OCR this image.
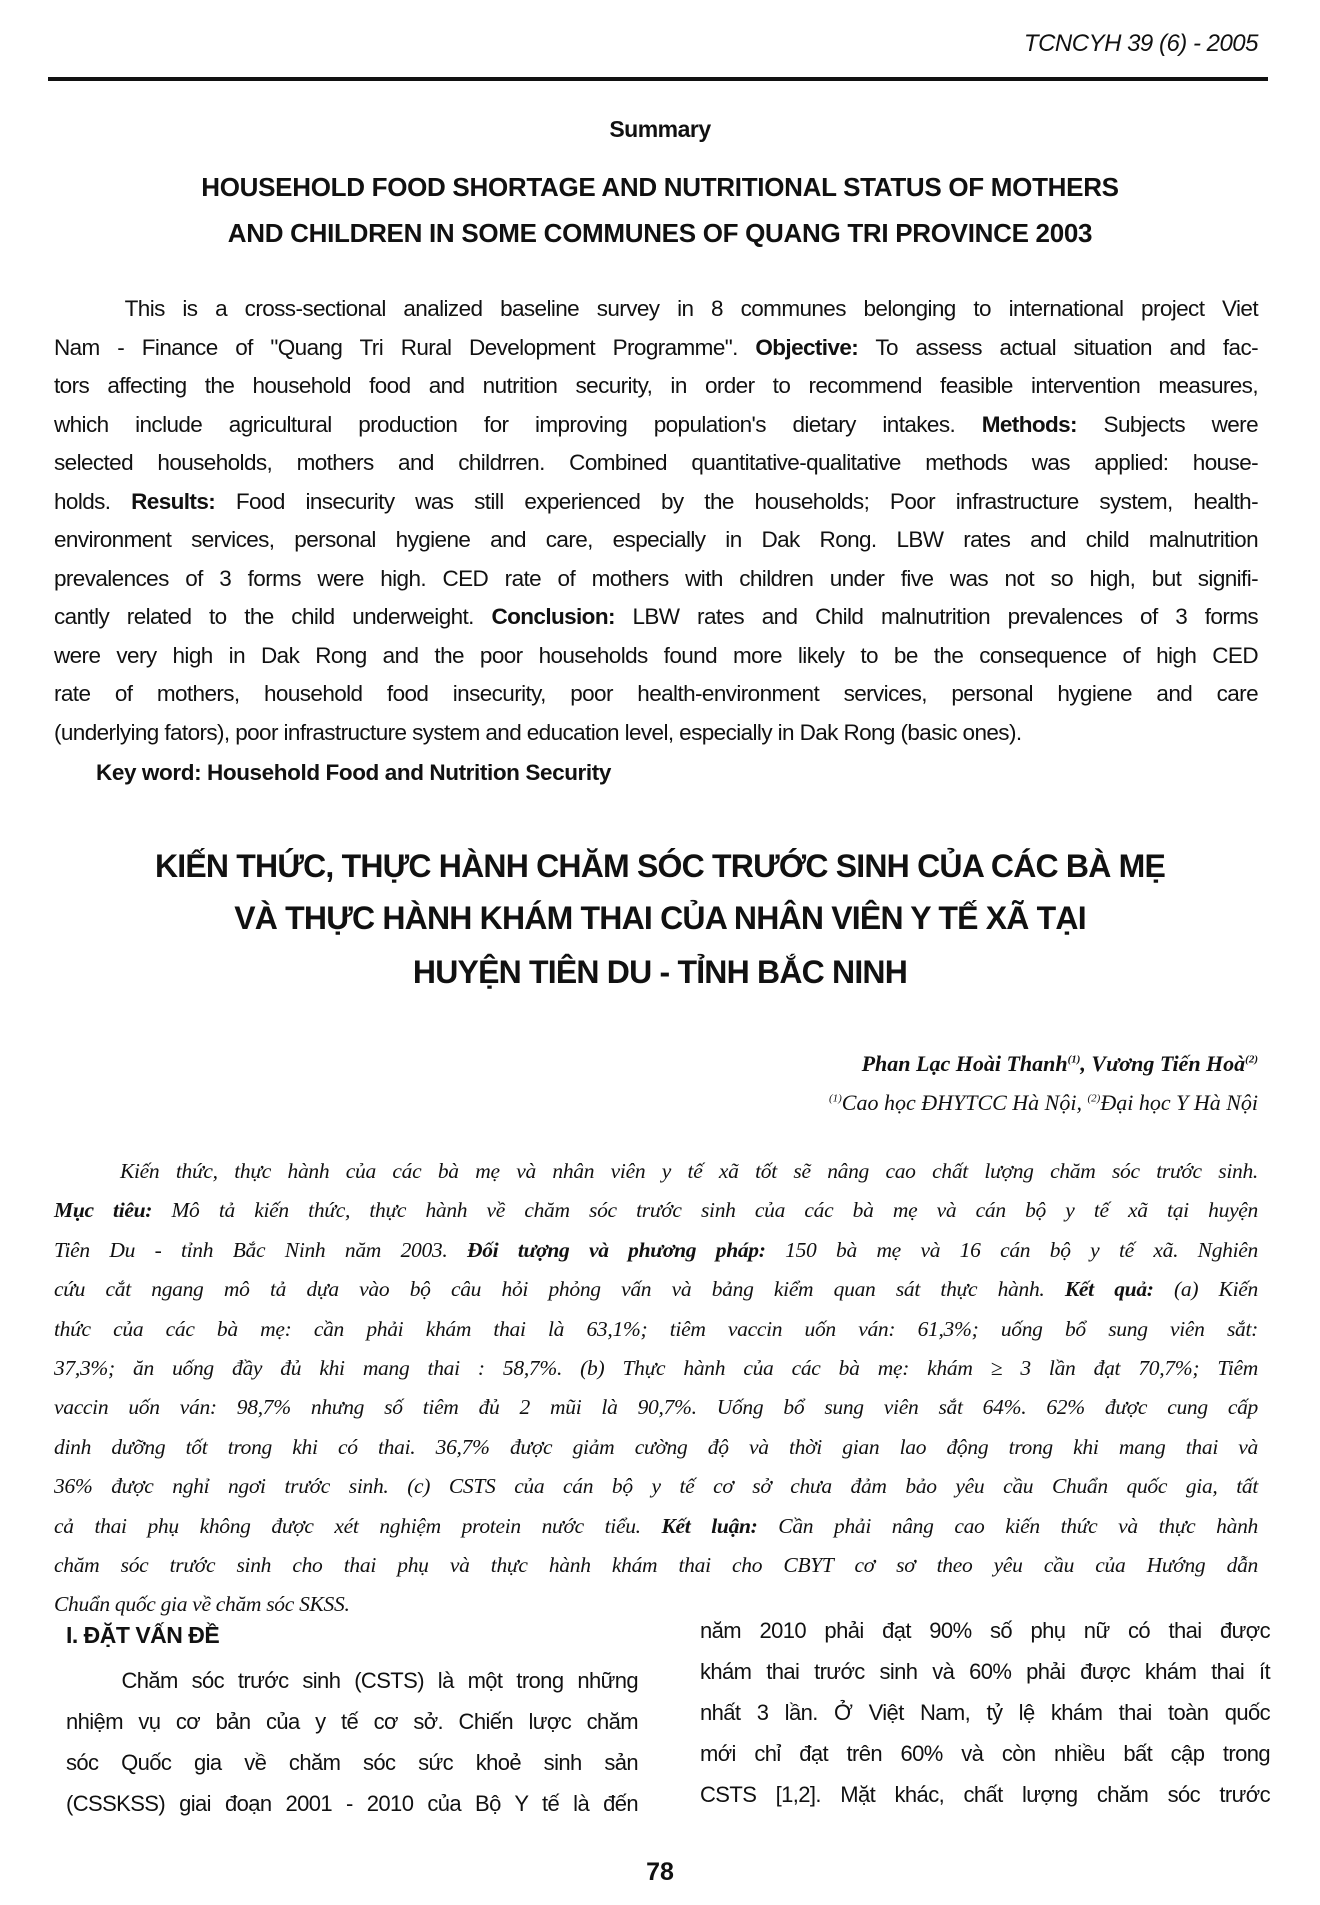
TCNCYH 39 (6) - 2005
Summary
HOUSEHOLD FOOD SHORTAGE AND NUTRITIONAL STATUS OF MOTHERS
AND CHILDREN IN SOME COMMUNES OF QUANG TRI PROVINCE 2003
This is a cross-sectional analized baseline survey in 8 communes belonging to international project Viet
Nam - Finance of "Quang Tri Rural Development Programme". Objective: To assess actual situation and fac-
tors affecting the household food and nutrition security, in order to recommend feasible intervention measures,
which include agricultural production for improving population's dietary intakes. Methods: Subjects were
selected households, mothers and childrren. Combined quantitative-qualitative methods was applied: house-
holds. Results: Food insecurity was still experienced by the households; Poor infrastructure system, health-
environment services, personal hygiene and care, especially in Dak Rong. LBW rates and child malnutrition
prevalences of 3 forms were high. CED rate of mothers with children under five was not so high, but signifi-
cantly related to the child underweight. Conclusion: LBW rates and Child malnutrition prevalences of 3 forms
were very high in Dak Rong and the poor households found more likely to be the consequence of high CED
rate of mothers, household food insecurity, poor health-environment services, personal hygiene and care
(underlying fators), poor infrastructure system and education level, especially in Dak Rong (basic ones).
Key word: Household Food and Nutrition Security
KIẾN THỨC, THỰC HÀNH CHĂM SÓC TRƯỚC SINH CỦA CÁC BÀ MẸ
VÀ THỰC HÀNH KHÁM THAI CỦA NHÂN VIÊN Y TẾ XÃ TẠI
HUYỆN TIÊN DU - TỈNH BẮC NINH
Phan Lạc Hoài Thanh$^{(1)}$, Vương Tiến Hoà$^{(2)}$
$^{(1)}$Cao học ĐHYTCC Hà Nội, $^{(2)}$Đại học Y Hà Nội
Kiến thức, thực hành của các bà mẹ và nhân viên y tế xã tốt sẽ nâng cao chất lượng chăm sóc trước sinh.
Mục tiêu: Mô tả kiến thức, thực hành về chăm sóc trước sinh của các bà mẹ và cán bộ y tế xã tại huyện
Tiên Du - tỉnh Bắc Ninh năm 2003. Đối tượng và phương pháp: 150 bà mẹ và 16 cán bộ y tế xã. Nghiên
cứu cắt ngang mô tả dựa vào bộ câu hỏi phỏng vấn và bảng kiểm quan sát thực hành. Kết quả: (a) Kiến
thức của các bà mẹ: cần phải khám thai là 63,1%; tiêm vaccin uốn ván: 61,3%; uống bổ sung viên sắt:
37,3%; ăn uống đầy đủ khi mang thai : 58,7%. (b) Thực hành của các bà mẹ: khám ≥ 3 lần đạt 70,7%; Tiêm
vaccin uốn ván: 98,7% nhưng số tiêm đủ 2 mũi là 90,7%. Uống bổ sung viên sắt 64%. 62% được cung cấp
dinh dưỡng tốt trong khi có thai. 36,7% được giảm cường độ và thời gian lao động trong khi mang thai và
36% được nghỉ ngơi trước sinh. (c) CSTS của cán bộ y tế cơ sở chưa đảm bảo yêu cầu Chuẩn quốc gia, tất
cả thai phụ không được xét nghiệm protein nước tiểu. Kết luận: Cần phải nâng cao kiến thức và thực hành
chăm sóc trước sinh cho thai phụ và thực hành khám thai cho CBYT cơ sơ theo yêu cầu của Hướng dẫn
Chuẩn quốc gia về chăm sóc SKSS.
I. ĐẶT VẤN ĐỀ
Chăm sóc trước sinh (CSTS) là một trong những
nhiệm vụ cơ bản của y tế cơ sở. Chiến lược chăm
sóc Quốc gia về chăm sóc sức khoẻ sinh sản
(CSSKSS) giai đoạn 2001 - 2010 của Bộ Y tế là đến
năm 2010 phải đạt 90% số phụ nữ có thai được
khám thai trước sinh và 60% phải được khám thai ít
nhất 3 lần. Ở Việt Nam, tỷ lệ khám thai toàn quốc
mới chỉ đạt trên 60% và còn nhiều bất cập trong
CSTS [1,2]. Mặt khác, chất lượng chăm sóc trước
78
